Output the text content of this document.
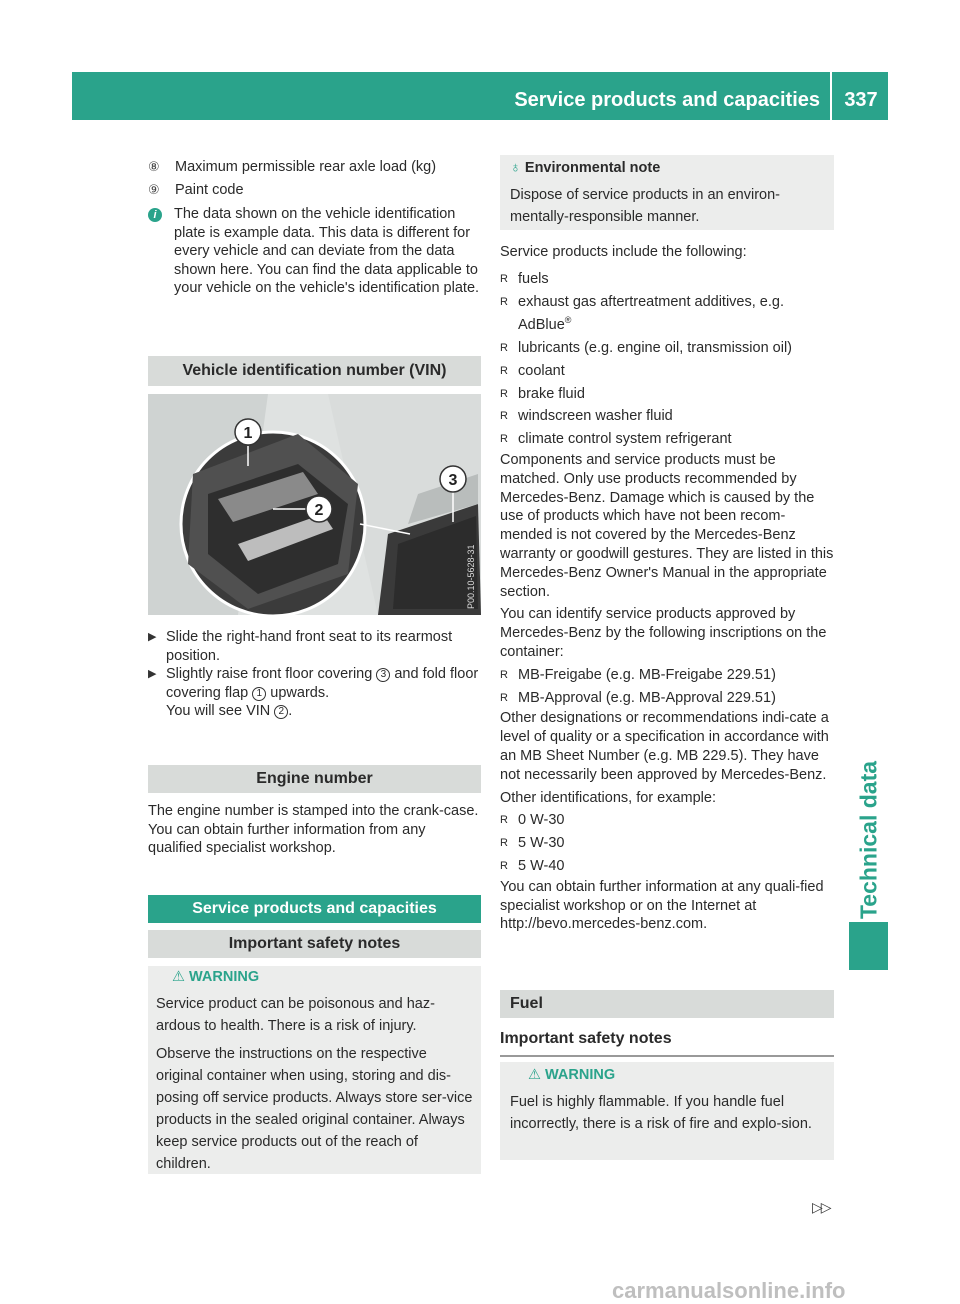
Service products and capacities	337
Technical data
⑧	Maximum permissible rear axle load (kg)
⑨	Paint code
i	The data shown on the vehicle identification plate is example data. This data is different for every vehicle and can deviate from the data shown here. You can find the data applicable to your vehicle on the vehicle's identification plate.

Vehicle identification number (VIN)
1
2
3
P00.10-5628-31
▶ Slide the right-hand front seat to its rearmost position.

▶ Slightly raise front floor covering 3 and fold floor covering flap 1 upwards.
You will see VIN 2 .

Engine number

The engine number is stamped into the crank-case. You can obtain further information from any qualified specialist workshop.

Service products and capacities
Important safety notes
⚠ WARNING

Service product can be poisonous and haz-ardous to health. There is a risk of injury.

Observe the instructions on the respective original container when using, storing and dis-posing off service products. Always store ser-vice products in the sealed original container. Always keep service products out of the reach of children.

♁ Environmental note

Dispose of service products in an environ-mentally-responsible manner.

Service products include the following:

R fuels
R exhaust gas aftertreatment additives, e.g. AdBlue®
R lubricants (e.g. engine oil, transmission oil)
R coolant
R brake fluid
R windscreen washer fluid
R climate control system refrigerant

Components and service products must be matched. Only use products recommended by Mercedes-Benz. Damage which is caused by the use of products which have not been recom-mended is not covered by the Mercedes-Benz warranty or goodwill gestures. They are listed in this Mercedes-Benz Owner's Manual in the appropriate section.

You can identify service products approved by Mercedes-Benz by the following inscriptions on the container:

R MB-Freigabe (e.g. MB-Freigabe 229.51)
R MB-Approval (e.g. MB-Approval 229.51)

Other designations or recommendations indi-cate a level of quality or a specification in accordance with an MB Sheet Number (e.g. MB 229.5). They have not necessarily been approved by Mercedes-Benz.

Other identifications, for example:

R 0 W-30
R 5 W-30
R 5 W-40

You can obtain further information at any quali-fied specialist workshop or on the Internet at http://bevo.mercedes-benz.com.

Fuel
Important safety notes
⚠ WARNING

Fuel is highly flammable. If you handle fuel incorrectly, there is a risk of fire and explo-sion.

▷▷
carmanualsonline.info
